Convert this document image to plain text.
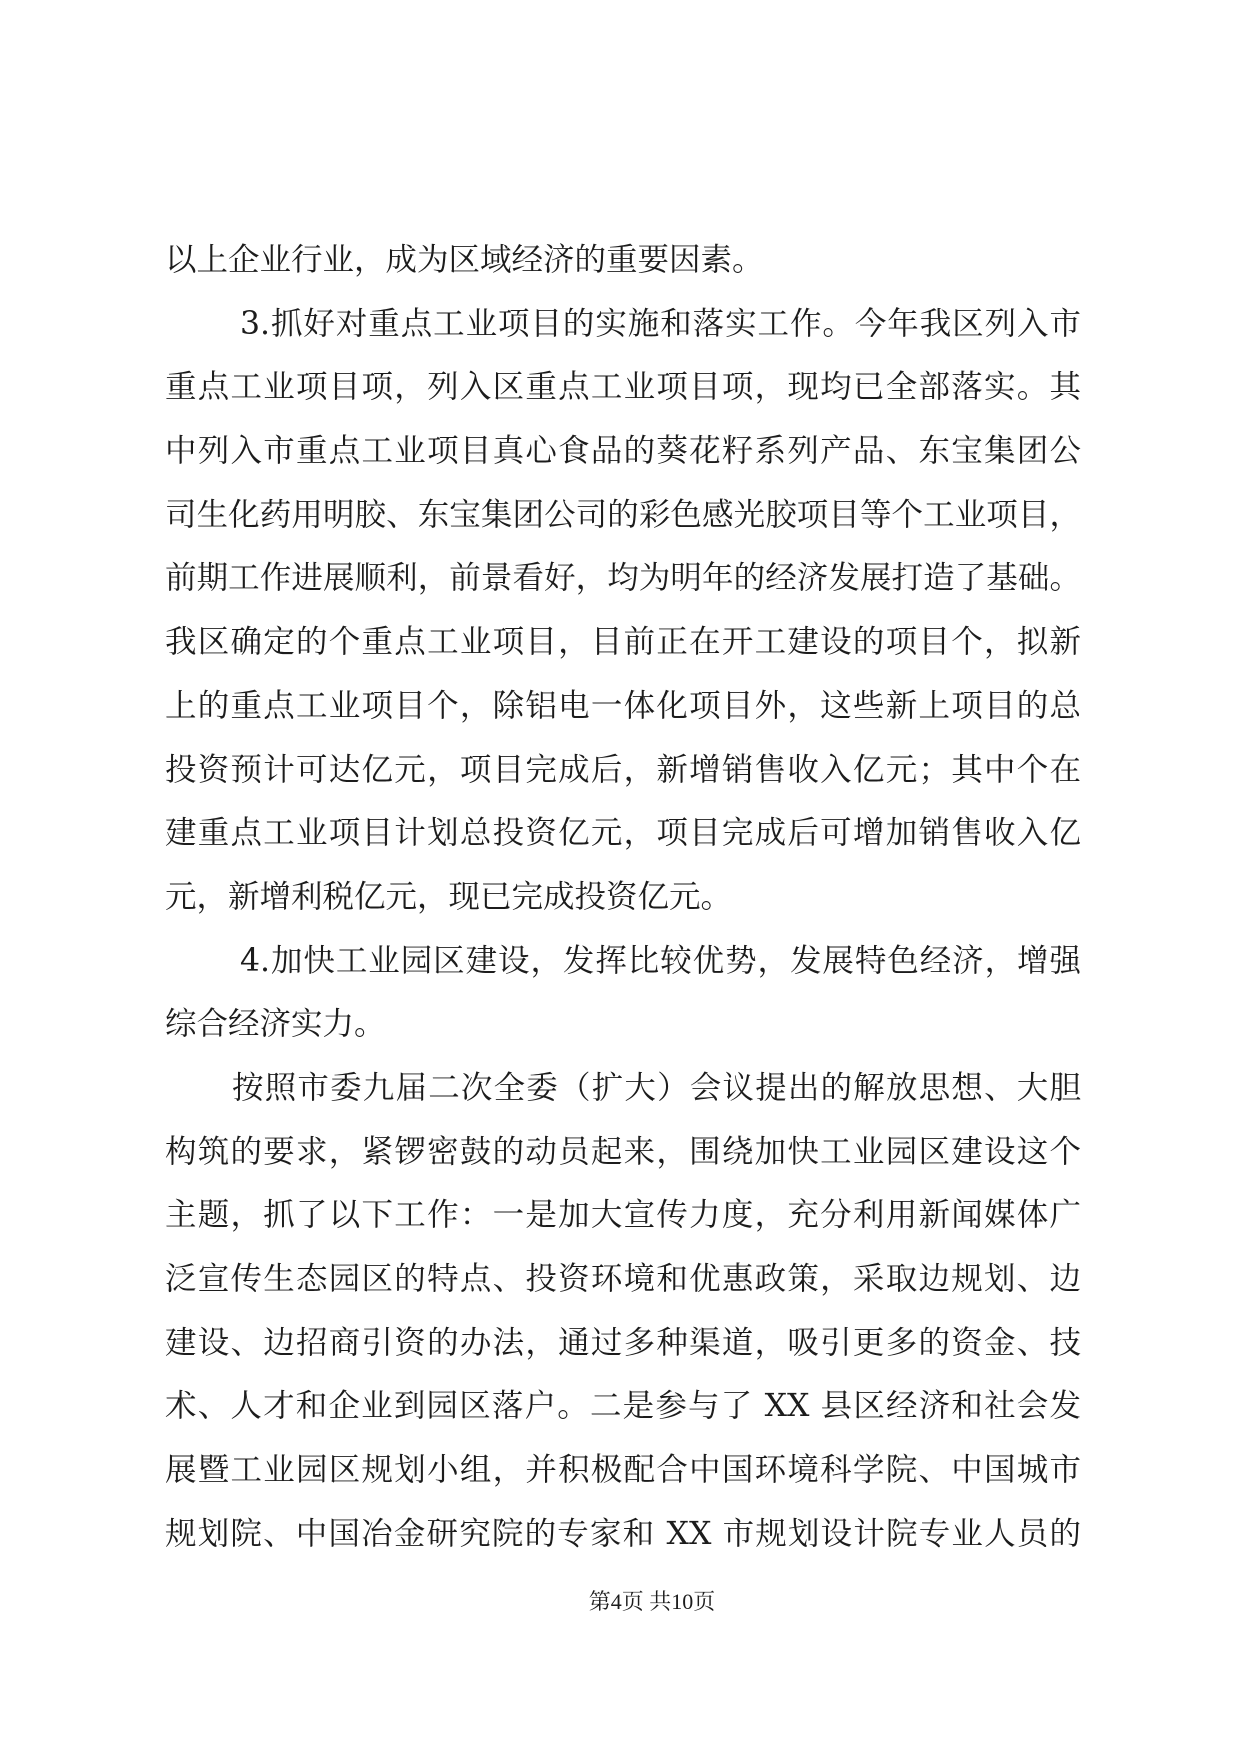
以上企业行业，成为区域经济的重要因素。
3.抓好对重点工业项目的实施和落实工作。今年我区列入市
重点工业项目项，列入区重点工业项目项，现均已全部落实。其
中列入市重点工业项目真心食品的葵花籽系列产品、东宝集团公
司生化药用明胶、东宝集团公司的彩色感光胶项目等个工业项目，
前期工作进展顺利，前景看好，均为明年的经济发展打造了基础。
我区确定的个重点工业项目，目前正在开工建设的项目个，拟新
上的重点工业项目个，除铝电一体化项目外，这些新上项目的总
投资预计可达亿元，项目完成后，新增销售收入亿元；其中个在
建重点工业项目计划总投资亿元，项目完成后可增加销售收入亿
元，新增利税亿元，现已完成投资亿元。
4.加快工业园区建设，发挥比较优势，发展特色经济，增强
综合经济实力。
按照市委九届二次全委（扩大）会议提出的解放思想、大胆
构筑的要求，紧锣密鼓的动员起来，围绕加快工业园区建设这个
主题，抓了以下工作：一是加大宣传力度，充分利用新闻媒体广
泛宣传生态园区的特点、投资环境和优惠政策，采取边规划、边
建设、边招商引资的办法，通过多种渠道，吸引更多的资金、技
术、人才和企业到园区落户。二是参与了 XX 县区经济和社会发
展暨工业园区规划小组，并积极配合中国环境科学院、中国城市
规划院、中国冶金研究院的专家和 XX 市规划设计院专业人员的
第4页 共10页
